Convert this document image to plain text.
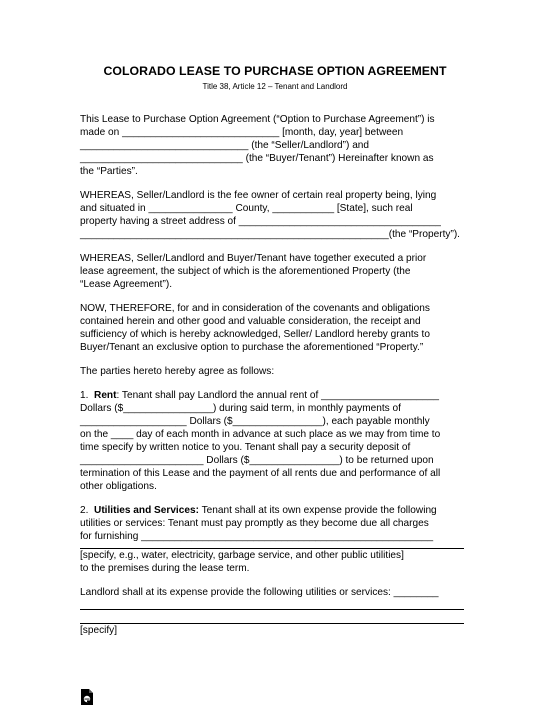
COLORADO LEASE TO PURCHASE OPTION AGREEMENT
Title 38, Article 12 – Tenant and Landlord
This Lease to Purchase Option Agreement (“Option to Purchase Agreement”) is
made on ____________________________ [month, day, year] between
______________________________ (the “Seller/Landlord”) and
_____________________________ (the “Buyer/Tenant”) Hereinafter known as
the “Parties”.
WHEREAS, Seller/Landlord is the fee owner of certain real property being, lying
and situated in _______________ County, ___________ [State], such real
property having a street address of ____________________________________
_______________________________________________________(the “Property”).
WHEREAS, Seller/Landlord and Buyer/Tenant have together executed a prior
lease agreement, the subject of which is the aforementioned Property (the
“Lease Agreement”).
NOW, THEREFORE, for and in consideration of the covenants and obligations
contained herein and other good and valuable consideration, the receipt and
sufficiency of which is hereby acknowledged, Seller/ Landlord hereby grants to
Buyer/Tenant an exclusive option to purchase the aforementioned “Property.”
The parties hereto hereby agree as follows:
1. Rent: Tenant shall pay Landlord the annual rent of _____________________
Dollars ($________________) during said term, in monthly payments of
___________________ Dollars ($________________), each payable monthly
on the ____ day of each month in advance at such place as we may from time to
time specify by written notice to you. Tenant shall pay a security deposit of
______________________ Dollars ($________________) to be returned upon
termination of this Lease and the payment of all rents due and performance of all
other obligations.
2. Utilities and Services: Tenant shall at its own expense provide the following
utilities or services: Tenant must pay promptly as they become due all charges
for furnishing ____________________________________________________
[specify, e.g., water, electricity, garbage service, and other public utilities]
to the premises during the lease term.
Landlord shall at its expense provide the following utilities or services: ________
[specify]
